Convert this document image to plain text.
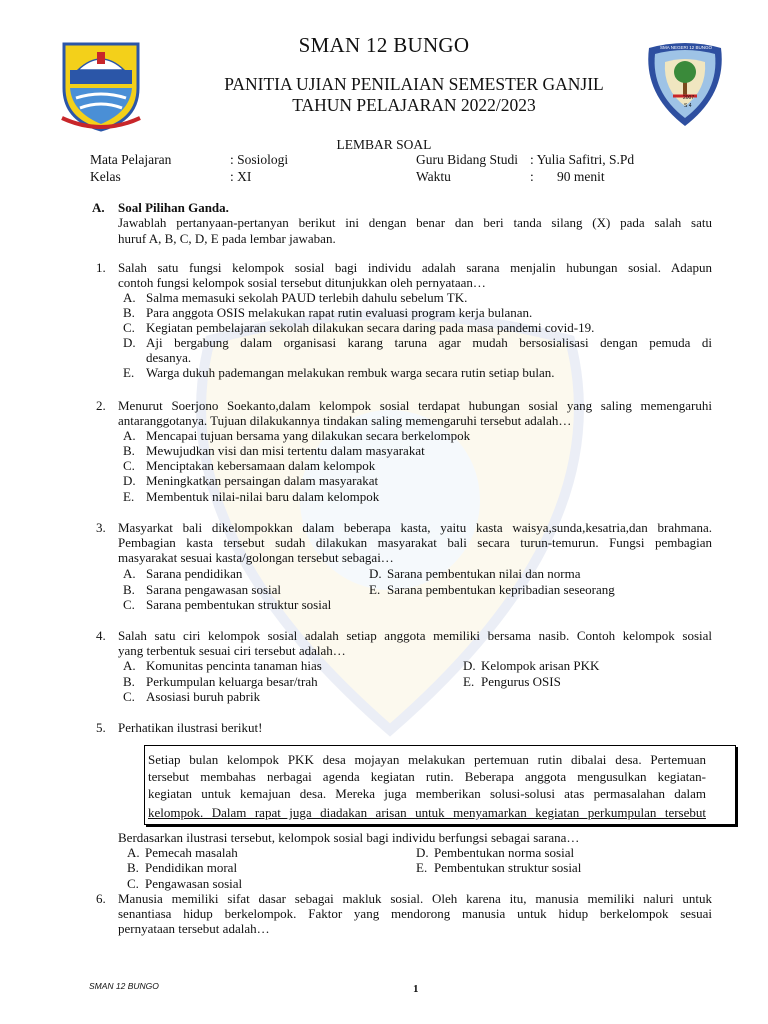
SMA NEGERI 12 BUNGO
2007
S 4
SMAN 12 BUNGO
PANITIA UJIAN PENILAIAN SEMESTER GANJIL
TAHUN PELAJARAN 2022/2023
LEMBAR SOAL
Mata Pelajaran	: Sosiologi	Guru Bidang Studi : Yulia Safitri, S.Pd
Kelas	: XI	Waktu	: 90 menit
A. Soal Pilihan Ganda.
Jawablah pertanyaan-pertanyan berikut ini dengan benar dan beri tanda silang (X) pada salah satu
huruf A, B, C, D, E pada lembar jawaban.
1. Salah satu fungsi kelompok sosial bagi individu adalah sarana menjalin hubungan sosial. Adapun
contoh fungsi kelompok sosial tersebut ditunjukkan oleh pernyataan…
A. Salma memasuki sekolah PAUD terlebih dahulu sebelum TK.
B. Para anggota OSIS melakukan rapat rutin evaluasi program kerja bulanan.
C. Kegiatan pembelajaran sekolah dilakukan secara daring pada masa pandemi covid-19.
D. Aji bergabung dalam organisasi karang taruna agar mudah bersosialisasi dengan pemuda di
desanya.
E. Warga dukuh pademangan melakukan rembuk warga secara rutin setiap bulan.
2. Menurut Soerjono Soekanto,dalam kelompok sosial terdapat hubungan sosial yang saling memengaruhi
antaranggotanya. Tujuan dilakukannya tindakan saling memengaruhi tersebut adalah…
A. Mencapai tujuan bersama yang dilakukan secara berkelompok
B. Mewujudkan visi dan misi tertentu dalam masyarakat
C. Menciptakan kebersamaan dalam kelompok
D. Meningkatkan persaingan dalam masyarakat
E. Membentuk nilai-nilai baru dalam kelompok
3. Masyarkat bali dikelompokkan dalam beberapa kasta, yaitu kasta waisya,sunda,kesatria,dan brahmana.
Pembagian kasta tersebut sudah dilakukan masyarakat bali secara turun-temurun. Fungsi pembagian
masyarakat sesuai kasta/golongan tersebut sebagai…
A. Sarana pendidikan
B. Sarana pengawasan sosial
C. Sarana pembentukan struktur sosial
D. Sarana pembentukan nilai dan norma
E. Sarana pembentukan kepribadian seseorang
4. Salah satu ciri kelompok sosial adalah setiap anggota memiliki bersama nasib. Contoh kelompok sosial
yang terbentuk sesuai ciri tersebut adalah…
A. Komunitas pencinta tanaman hias
B. Perkumpulan keluarga besar/trah
C. Asosiasi buruh pabrik
D. Kelompok arisan PKK
E. Pengurus OSIS
5. Perhatikan ilustrasi berikut!
Setiap bulan kelompok PKK desa mojayan melakukan pertemuan rutin dibalai desa. Pertemuan
tersebut membahas nerbagai agenda kegiatan rutin. Beberapa anggota mengusulkan kegiatan-
kegiatan untuk kemajuan desa. Mereka juga memberikan solusi-solusi atas permasalahan dalam
kelompok. Dalam rapat juga diadakan arisan untuk menyamarkan kegiatan perkumpulan tersebut
Berdasarkan ilustrasi tersebut, kelompok sosial bagi individu berfungsi sebagai sarana…
A. Pemecah masalah
B. Pendidikan moral
C. Pengawasan sosial
D. Pembentukan norma sosial
E. Pembentukan struktur sosial
6. Manusia memiliki sifat dasar sebagai makluk sosial. Oleh karena itu, manusia memiliki naluri untuk
senantiasa hidup berkelompok. Faktor yang mendorong manusia untuk hidup berkelompok sesuai
pernyataan tersebut adalah…
SMAN 12 BUNGO	1
